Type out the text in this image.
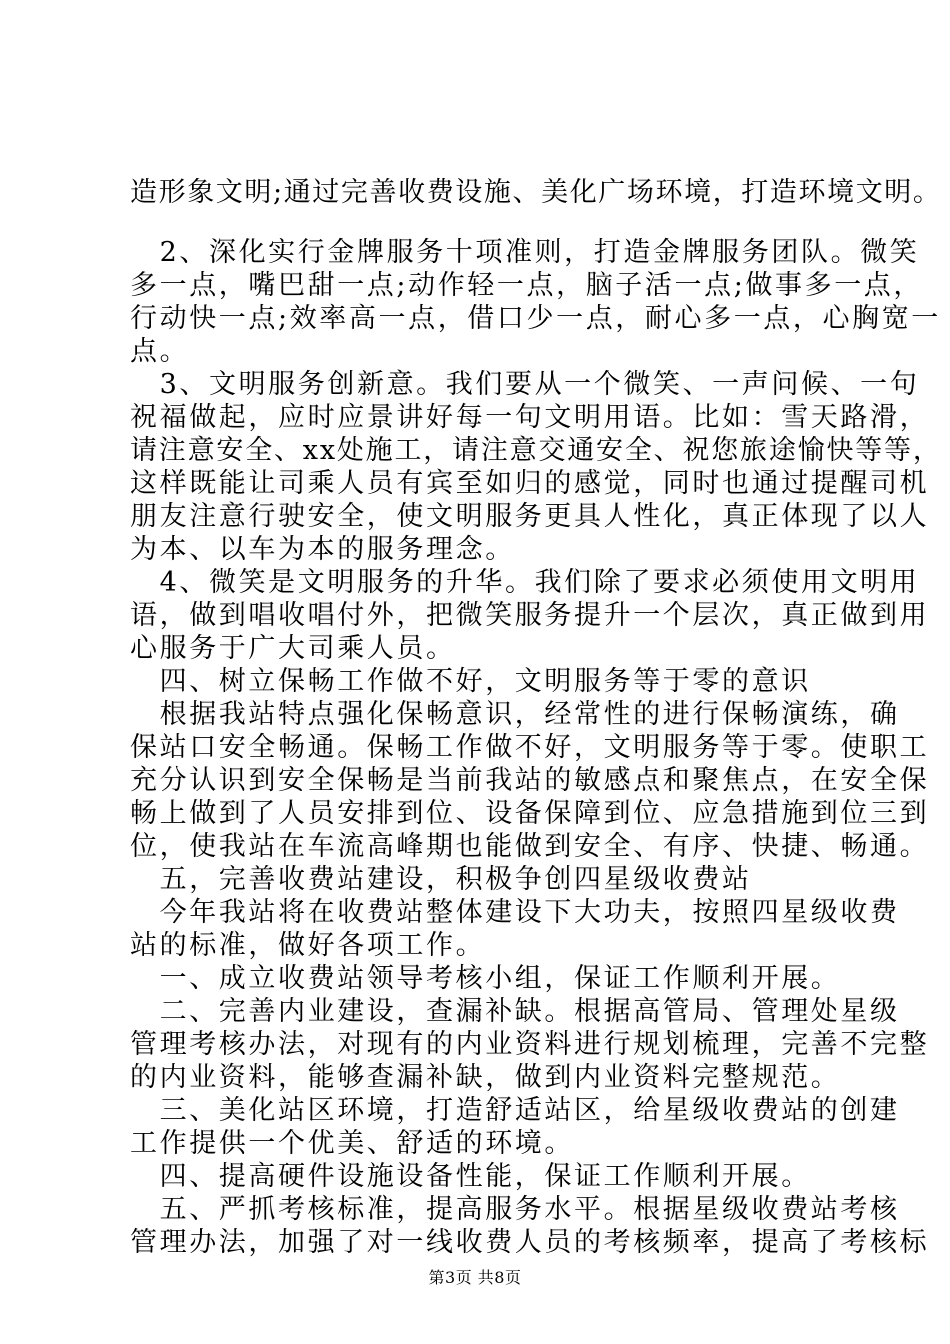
造形象文明;通过完善收费设施、美化广场环境，打造环境文明。
　2、深化实行金牌服务十项准则，打造金牌服务团队。微笑
多一点，嘴巴甜一点;动作轻一点，脑子活一点;做事多一点，
行动快一点;效率高一点，借口少一点，耐心多一点，心胸宽一
点。
　3、文明服务创新意。我们要从一个微笑、一声问候、一句
祝福做起，应时应景讲好每一句文明用语。比如：雪天路滑，
请注意安全、xx处施工，请注意交通安全、祝您旅途愉快等等，
这样既能让司乘人员有宾至如归的感觉，同时也通过提醒司机
朋友注意行驶安全，使文明服务更具人性化，真正体现了以人
为本、以车为本的服务理念。
　4、微笑是文明服务的升华。我们除了要求必须使用文明用
语，做到唱收唱付外，把微笑服务提升一个层次，真正做到用
心服务于广大司乘人员。
　四、树立保畅工作做不好，文明服务等于零的意识
　根据我站特点强化保畅意识，经常性的进行保畅演练，确
保站口安全畅通。保畅工作做不好，文明服务等于零。使职工
充分认识到安全保畅是当前我站的敏感点和聚焦点，在安全保
畅上做到了人员安排到位、设备保障到位、应急措施到位三到
位，使我站在车流高峰期也能做到安全、有序、快捷、畅通。
　五，完善收费站建设，积极争创四星级收费站
　今年我站将在收费站整体建设下大功夫，按照四星级收费
站的标准，做好各项工作。
　一、成立收费站领导考核小组，保证工作顺利开展。
　二、完善内业建设，查漏补缺。根据高管局、管理处星级
管理考核办法，对现有的内业资料进行规划梳理，完善不完整
的内业资料，能够查漏补缺，做到内业资料完整规范。
　三、美化站区环境，打造舒适站区，给星级收费站的创建
工作提供一个优美、舒适的环境。
　四、提高硬件设施设备性能，保证工作顺利开展。
　五、严抓考核标准，提高服务水平。根据星级收费站考核
管理办法，加强了对一线收费人员的考核频率，提高了考核标
第3页 共8页
